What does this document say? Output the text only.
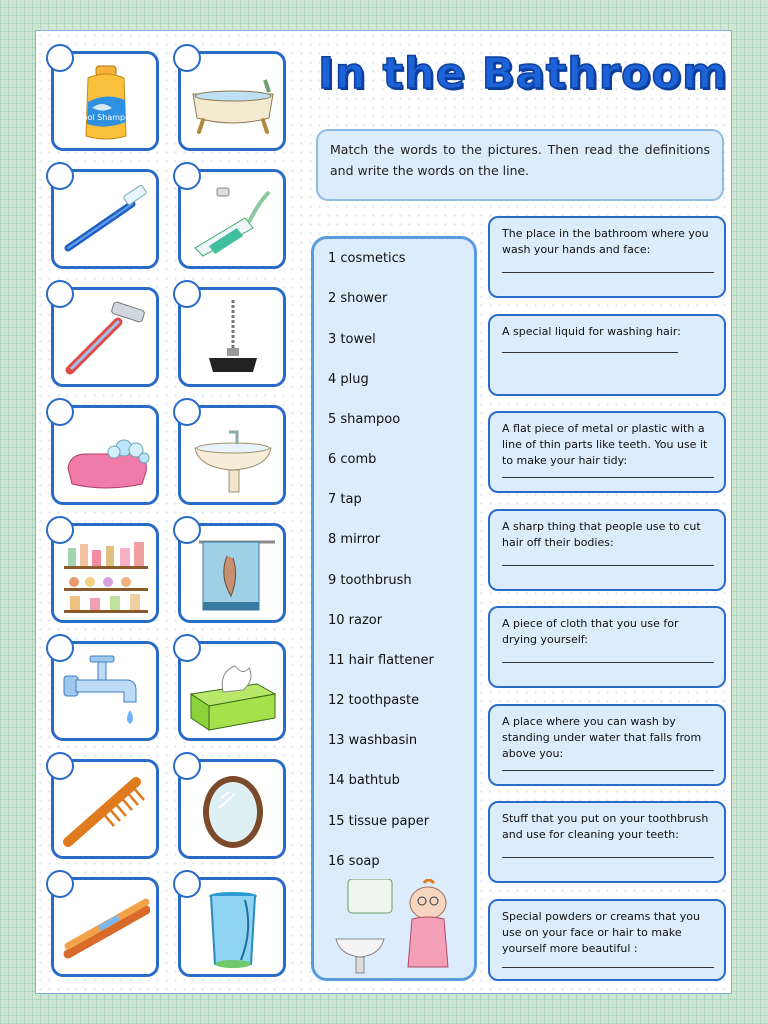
Cool Shampoo
In the Bathroom
Match the words to the pictures. Then read the definitions and write the words on the line.
1 cosmetics
2 shower
3 towel
4 plug
5 shampoo
6 comb
7 tap
8 mirror
9 toothbrush
10 razor
11 hair flattener
12 toothpaste
13 washbasin
14 bathtub
15 tissue paper
16 soap
The place in the bathroom where you wash your hands and face:
A special liquid for washing hair:
A flat piece of metal or plastic with a line of thin parts like teeth. You use it to make your hair tidy:
A sharp thing that people use to cut hair off their bodies:
A piece of cloth that you use for drying yourself:
A place where you can wash by standing under water that falls from above you:
Stuff that you put on your toothbrush and use for cleaning your teeth:
Special powders or creams that you use on your face or hair to make yourself more beautiful :
